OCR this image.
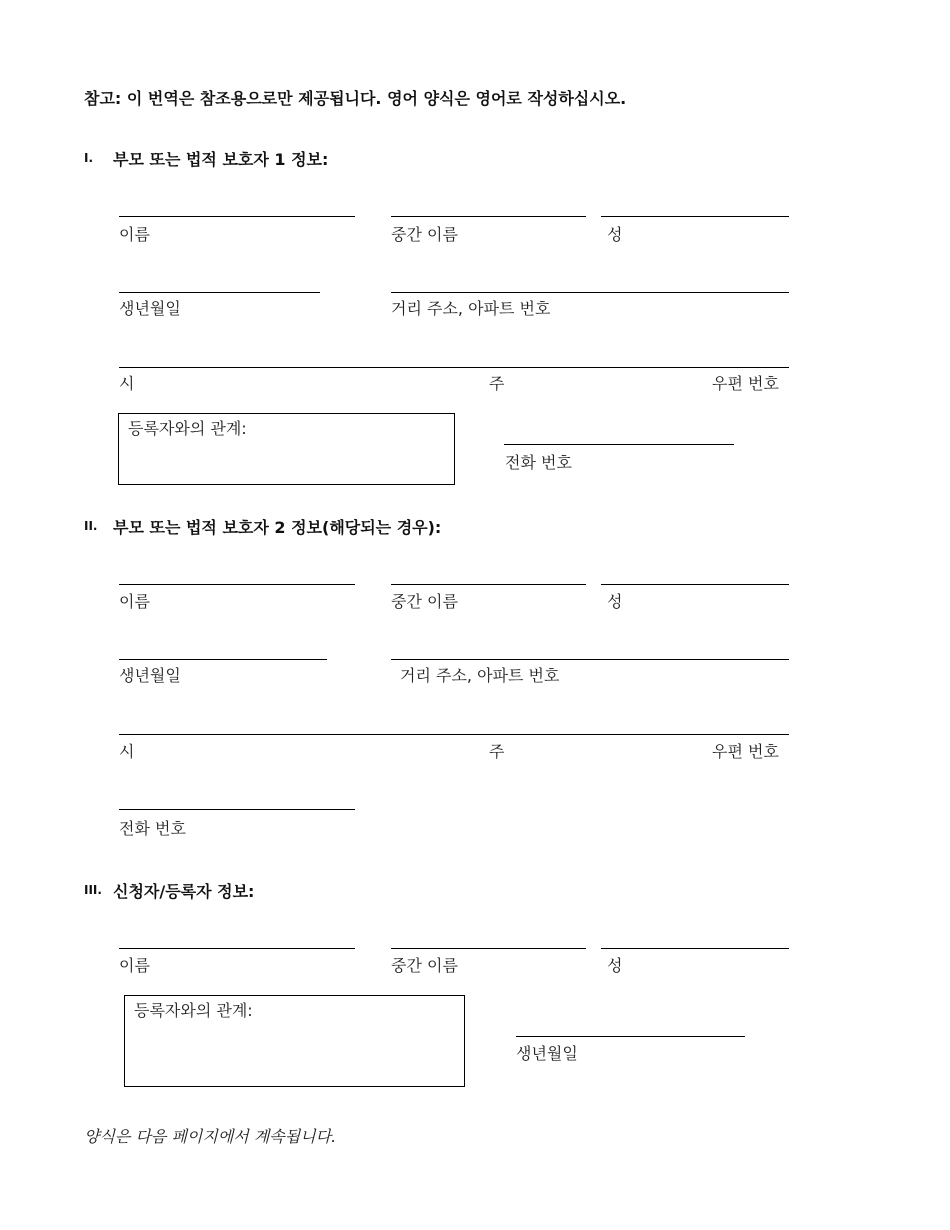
참고: 이 번역은 참조용으로만 제공됩니다. 영어 양식은 영어로 작성하십시오.
I. 부모 또는 법적 보호자 1 정보:
이름	중간 이름	성
생년월일	거리 주소, 아파트 번호
시	주	우편 번호
등록자와의 관계:
전화 번호
II. 부모 또는 법적 보호자 2 정보(해당되는 경우):
이름	중간 이름	성
생년월일	거리 주소, 아파트 번호
시	주	우편 번호
전화 번호
III. 신청자/등록자 정보:
이름	중간 이름	성
등록자와의 관계:
생년월일
양식은 다음 페이지에서 계속됩니다.
